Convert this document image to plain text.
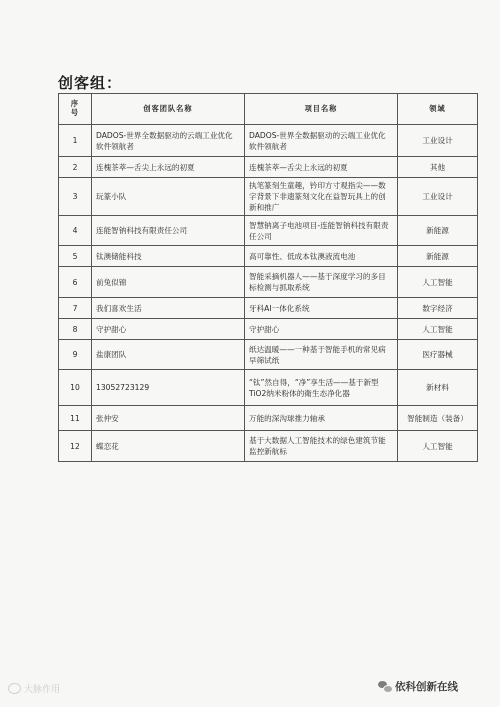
创客组：
序
号	创客团队名称	项目名称	领域
1	DADOS-世界全数据驱动的云端工业优化软件领航者	DADOS-世界全数据驱动的云端工业优化软件领航者	工业设计
2	连槐茶萃—舌尖上永远的初夏	连槐茶萃—舌尖上永远的初夏	其他
3	玩篆小队	执笔篆刻生童趣，钤印方寸观指尖——数字背景下非遗篆刻文化在益智玩具上的创新和推广	工业设计
4	连能智钠科技有限责任公司	智慧钠离子电池项目-连能智钠科技有限责任公司	新能源
5	钛澳储能科技	高可靠性、低成本钛澳液流电池	新能源
6	前兔似锦	智能采摘机器人——基于深度学习的多目标检测与抓取系统	人工智能
7	我们喜欢生活	牙科AI一体化系统	数字经济
8	守护甜心	守护甜心	人工智能
9	盐康团队	纸达温暖——一种基于智能手机的常见病早筛试纸	医疗器械
10	13052723129	“钛”然自得，“净”享生活——基于新型TiO2纳米粉体的衛生态净化器	新材料
11	张仲安	万能的深沟球推力轴承	智能制造（装备）
12	蝶恋花	基于大数据人工智能技术的绿色建筑节能监控新航标	人工智能
大脉作用	依科创新在线
